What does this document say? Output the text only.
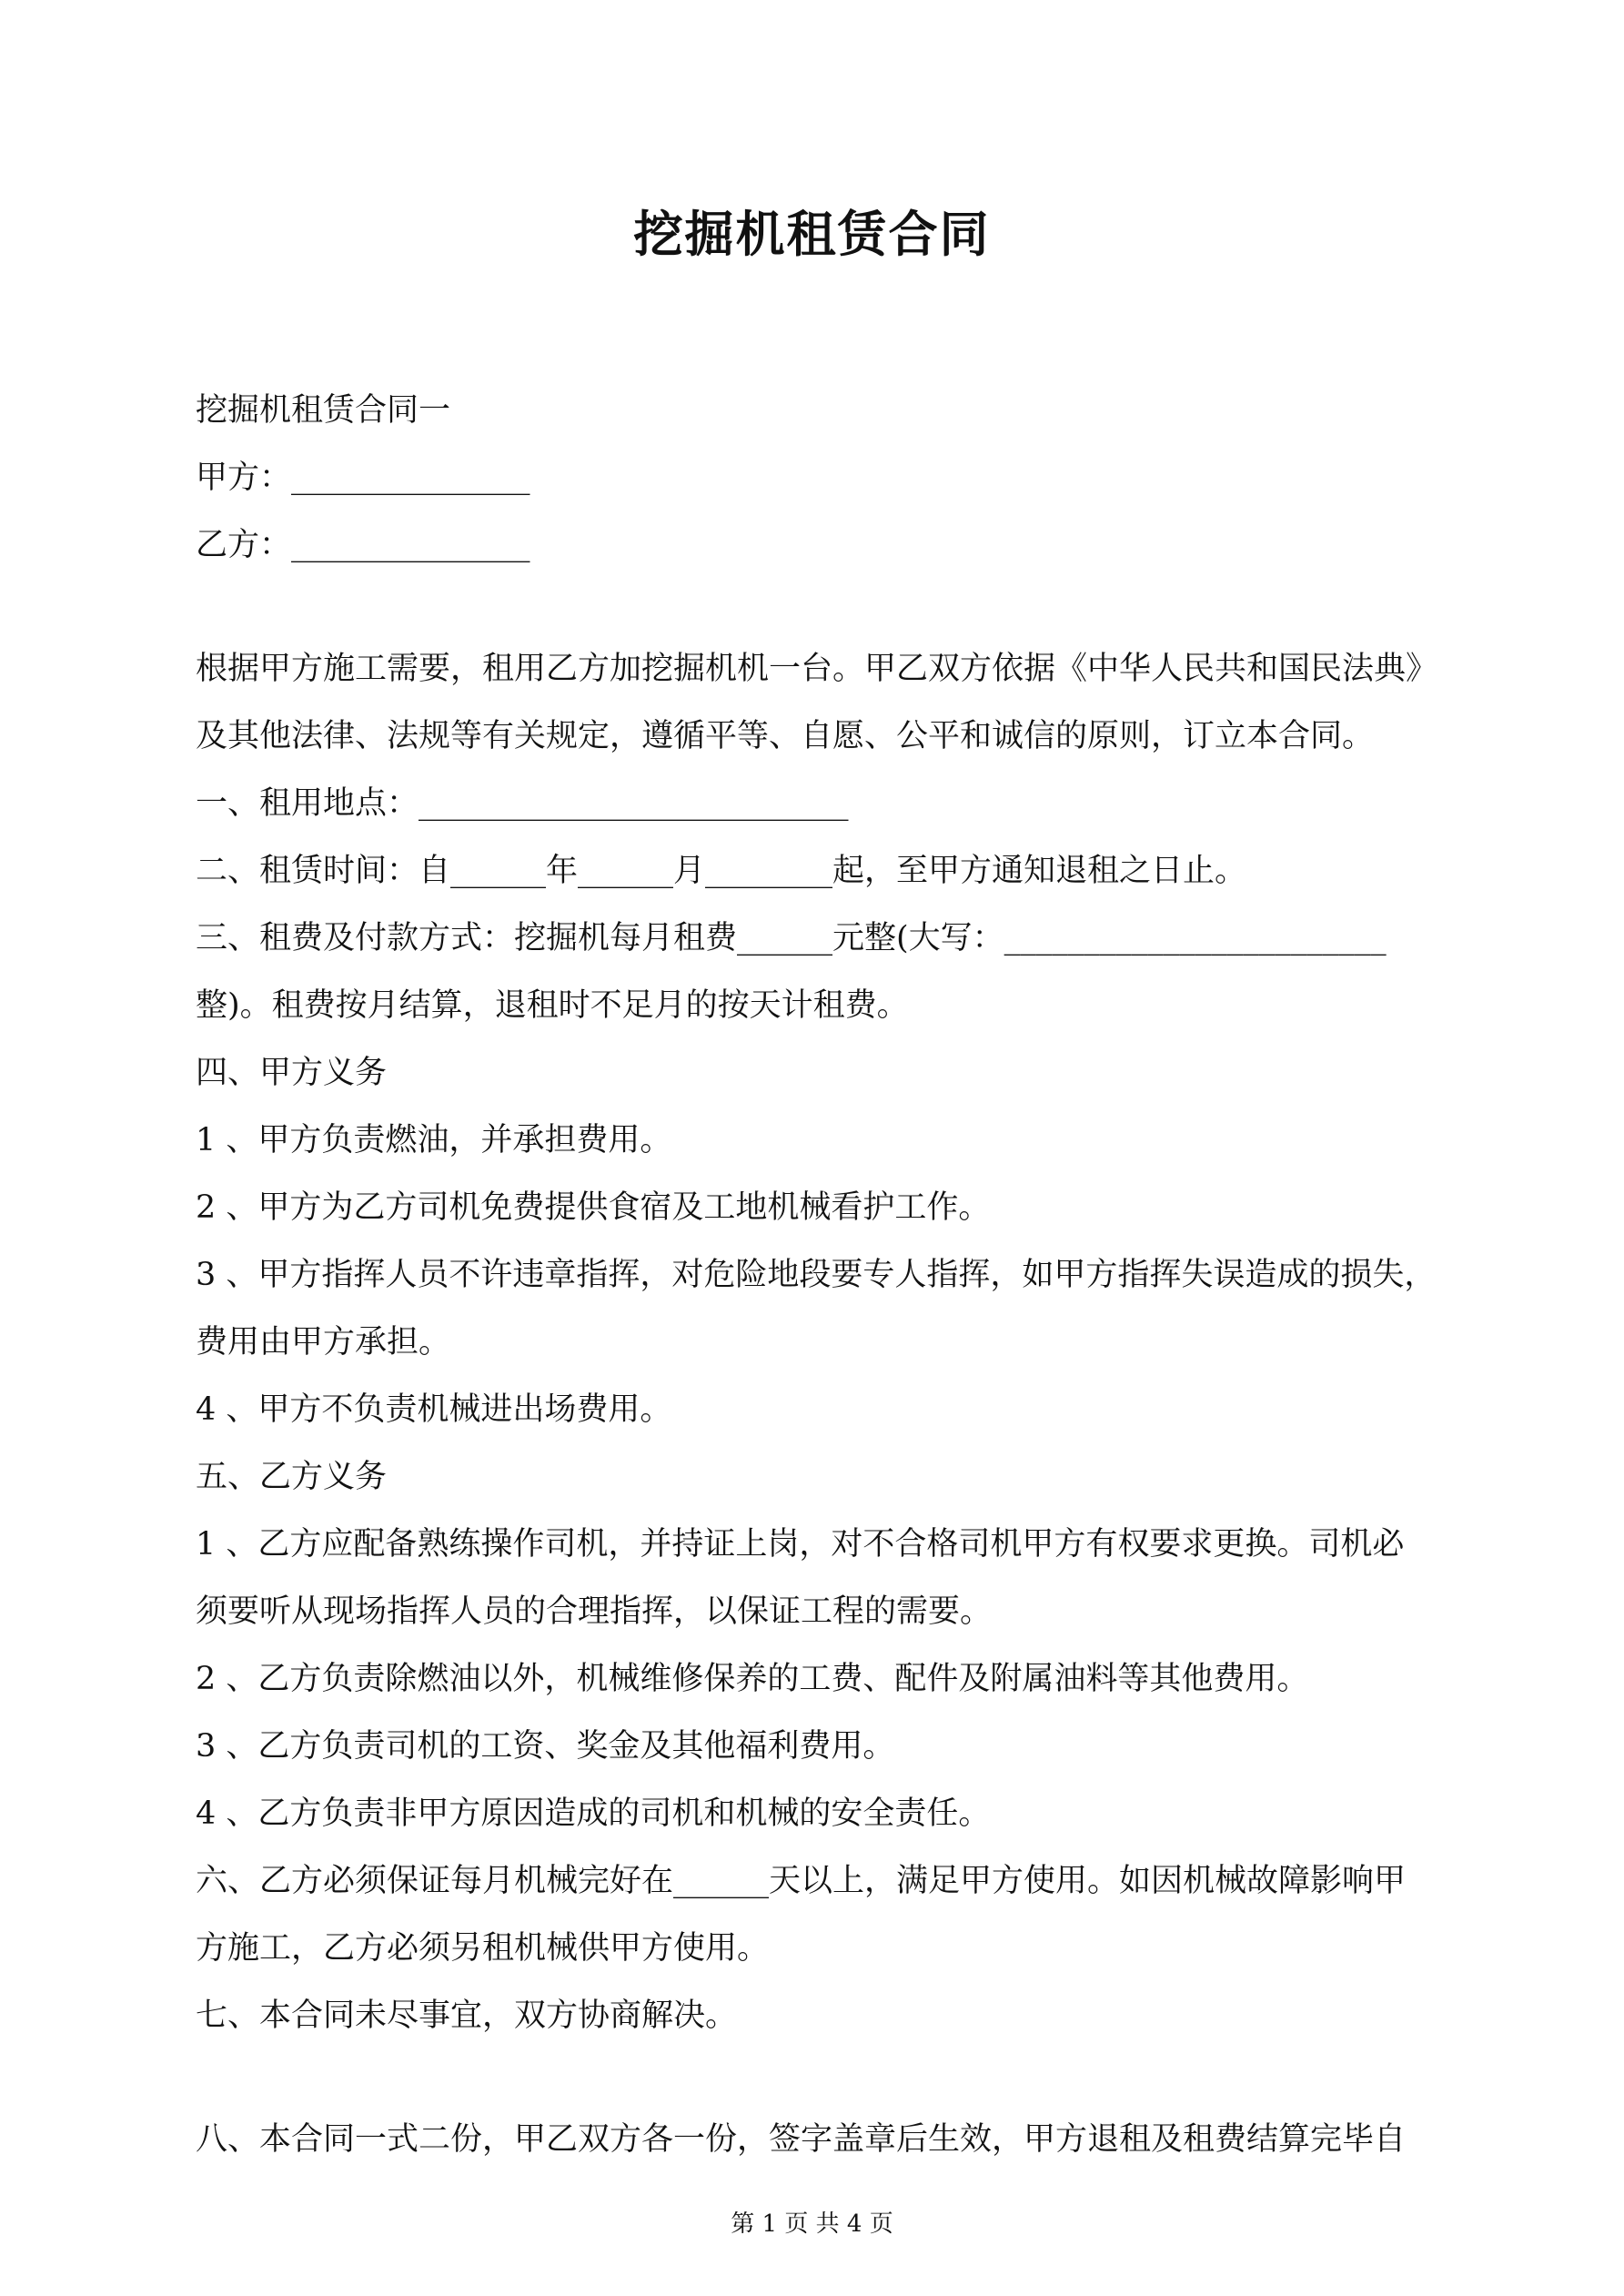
挖掘机租赁合同

挖掘机租赁合同一

甲方：_______________

乙方：_______________

根据甲方施工需要，租用乙方加挖掘机机一台。甲乙双方依据《中华人民共和国民法典》

及其他法律、法规等有关规定，遵循平等、自愿、公平和诚信的原则，订立本合同。

一、租用地点：___________________________

二、租赁时间：自______年______月________起，至甲方通知退租之日止。

三、租费及付款方式：挖掘机每月租费______元整(大写：________________________

整)。租费按月结算，退租时不足月的按天计租费。

四、甲方义务

1 、甲方负责燃油，并承担费用。

2 、甲方为乙方司机免费提供食宿及工地机械看护工作。

3 、甲方指挥人员不许违章指挥，对危险地段要专人指挥，如甲方指挥失误造成的损失，

费用由甲方承担。

4 、甲方不负责机械进出场费用。

五、乙方义务

1 、乙方应配备熟练操作司机，并持证上岗，对不合格司机甲方有权要求更换。司机必

须要听从现场指挥人员的合理指挥，以保证工程的需要。

2 、乙方负责除燃油以外，机械维修保养的工费、配件及附属油料等其他费用。

3 、乙方负责司机的工资、奖金及其他福利费用。

4 、乙方负责非甲方原因造成的司机和机械的安全责任。

六、乙方必须保证每月机械完好在______天以上，满足甲方使用。如因机械故障影响甲

方施工，乙方必须另租机械供甲方使用。

七、本合同未尽事宜，双方协商解决。

八、本合同一式二份，甲乙双方各一份，签字盖章后生效，甲方退租及租费结算完毕自

第 1 页 共 4 页
